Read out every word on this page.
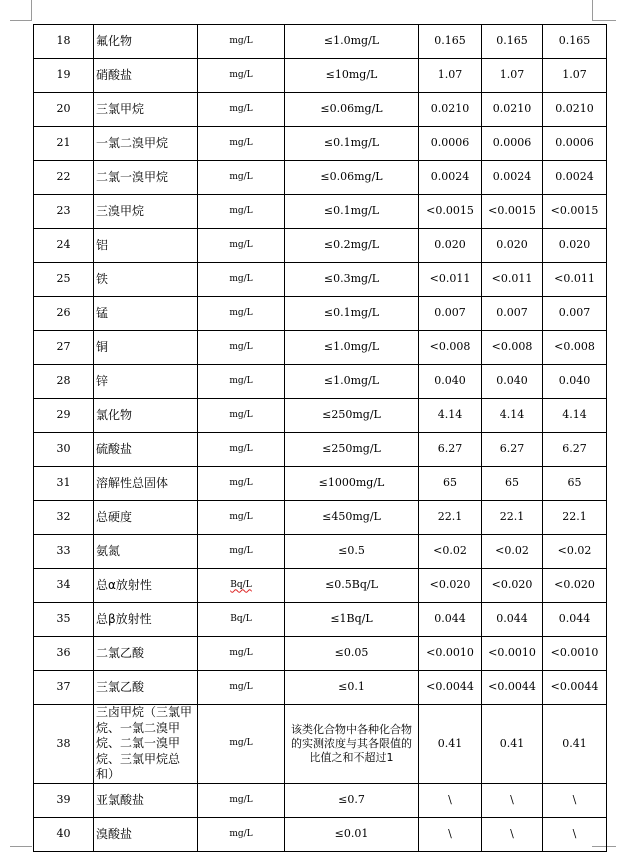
18	氟化物	mg/L	≤1.0mg/L	0.165	0.165	0.165
19	硝酸盐	mg/L	≤10mg/L	1.07	1.07	1.07
20	三氯甲烷	mg/L	≤0.06mg/L	0.0210	0.0210	0.0210
21	一氯二溴甲烷	mg/L	≤0.1mg/L	0.0006	0.0006	0.0006
22	二氯一溴甲烷	mg/L	≤0.06mg/L	0.0024	0.0024	0.0024
23	三溴甲烷	mg/L	≤0.1mg/L	<0.0015	<0.0015	<0.0015
24	铝	mg/L	≤0.2mg/L	0.020	0.020	0.020
25	铁	mg/L	≤0.3mg/L	<0.011	<0.011	<0.011
26	锰	mg/L	≤0.1mg/L	0.007	0.007	0.007
27	铜	mg/L	≤1.0mg/L	<0.008	<0.008	<0.008
28	锌	mg/L	≤1.0mg/L	0.040	0.040	0.040
29	氯化物	mg/L	≤250mg/L	4.14	4.14	4.14
30	硫酸盐	mg/L	≤250mg/L	6.27	6.27	6.27
31	溶解性总固体	mg/L	≤1000mg/L	65	65	65
32	总硬度	mg/L	≤450mg/L	22.1	22.1	22.1
33	氨氮	mg/L	≤0.5	<0.02	<0.02	<0.02
34	总α放射性	Bq/L	≤0.5Bq/L	<0.020	<0.020	<0.020
35	总β放射性	Bq/L	≤1Bq/L	0.044	0.044	0.044
36	二氯乙酸	mg/L	≤0.05	<0.0010	<0.0010	<0.0010
37	三氯乙酸	mg/L	≤0.1	<0.0044	<0.0044	<0.0044
38	三卤甲烷（三氯甲烷、一氯二溴甲烷、二氯一溴甲烷、三氯甲烷总和）	mg/L	该类化合物中各种化合物的实测浓度与其各限值的比值之和不超过1	0.41	0.41	0.41
39	亚氯酸盐	mg/L	≤0.7	\	\	\
40	溴酸盐	mg/L	≤0.01	\	\	\
